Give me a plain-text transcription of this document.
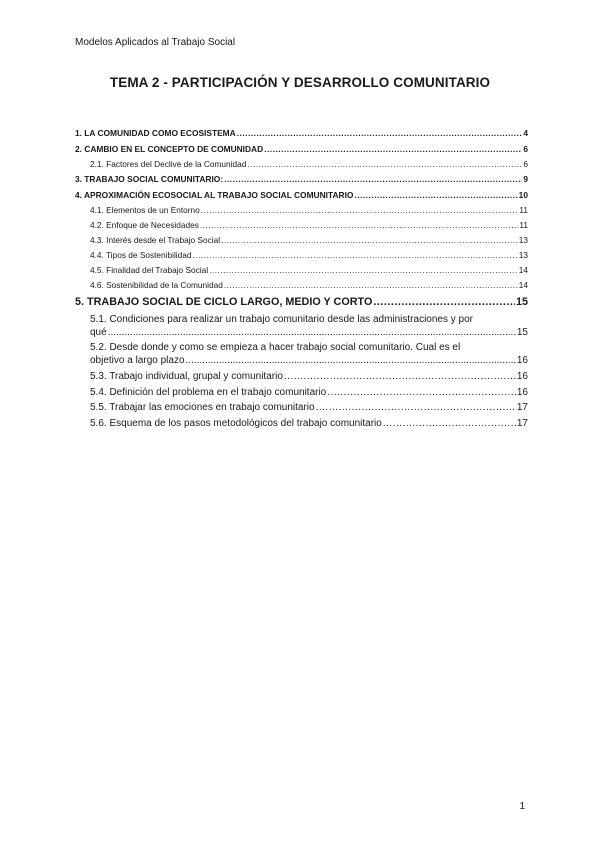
Modelos Aplicados al Trabajo Social
TEMA 2 - PARTICIPACIÓN Y DESARROLLO COMUNITARIO
1. LA COMUNIDAD COMO ECOSISTEMA .....	4
2. CAMBIO EN EL CONCEPTO DE COMUNIDAD .....	6
2.1. Factores del Declive de la Comunidad .....	6
3. TRABAJO SOCIAL COMUNITARIO: .....	9
4. APROXIMACIÓN ECOSOCIAL AL TRABAJO SOCIAL COMUNITARIO .....	10
4.1. Elementos de un Entorno .....	11
4.2. Enfoque de Necesidades .....	11
4.3. Interés desde el Trabajo Social .....	13
4.4. Tipos de Sostenibilidad .....	13
4.5. Finalidad del Trabajo Social .....	14
4.6. Sostenibilidad de la Comunidad .....	14
5. TRABAJO SOCIAL DE CICLO LARGO, MEDIO Y CORTO .....	15
5.1. Condiciones para realizar un trabajo comunitario desde las administraciones y por
qué .....	15
5.2. Desde donde y como se empieza a hacer trabajo social comunitario. Cual es el
objetivo a largo plazo .....	16
5.3. Trabajo individual, grupal y comunitario .....	16
5.4. Definición del problema en el trabajo comunitario .....	16
5.5. Trabajar las emociones en trabajo comunitario .....	17
5.6. Esquema de los pasos metodológicos del trabajo comunitario .....	17
1
